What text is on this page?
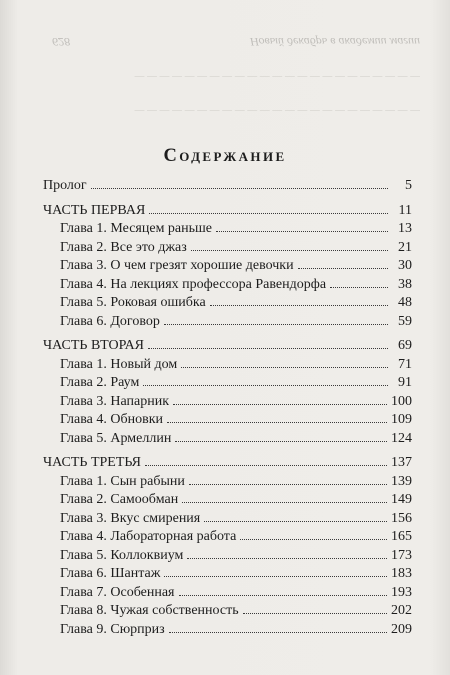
628	Новый декабрь в академии магии
— — — — — — — — — — — — — — — — — — — — — — —
— — — — — — — — — — — — — — — — — — — — — — —
Содержание
Пролог	5
ЧАСТЬ ПЕРВАЯ	11
Глава 1. Месяцем раньше	13
Глава 2. Все это джаз	21
Глава 3. О чем грезят хорошие девочки	30
Глава 4. На лекциях профессора Равендорфа	38
Глава 5. Роковая ошибка	48
Глава 6. Договор	59
ЧАСТЬ ВТОРАЯ	69
Глава 1. Новый дом	71
Глава 2. Раум	91
Глава 3. Напарник	100
Глава 4. Обновки	109
Глава 5. Армеллин	124
ЧАСТЬ ТРЕТЬЯ	137
Глава 1. Сын рабыни	139
Глава 2. Самообман	149
Глава 3. Вкус смирения	156
Глава 4. Лабораторная работа	165
Глава 5. Коллоквиум	173
Глава 6. Шантаж	183
Глава 7. Особенная	193
Глава 8. Чужая собственность	202
Глава 9. Сюрприз	209
